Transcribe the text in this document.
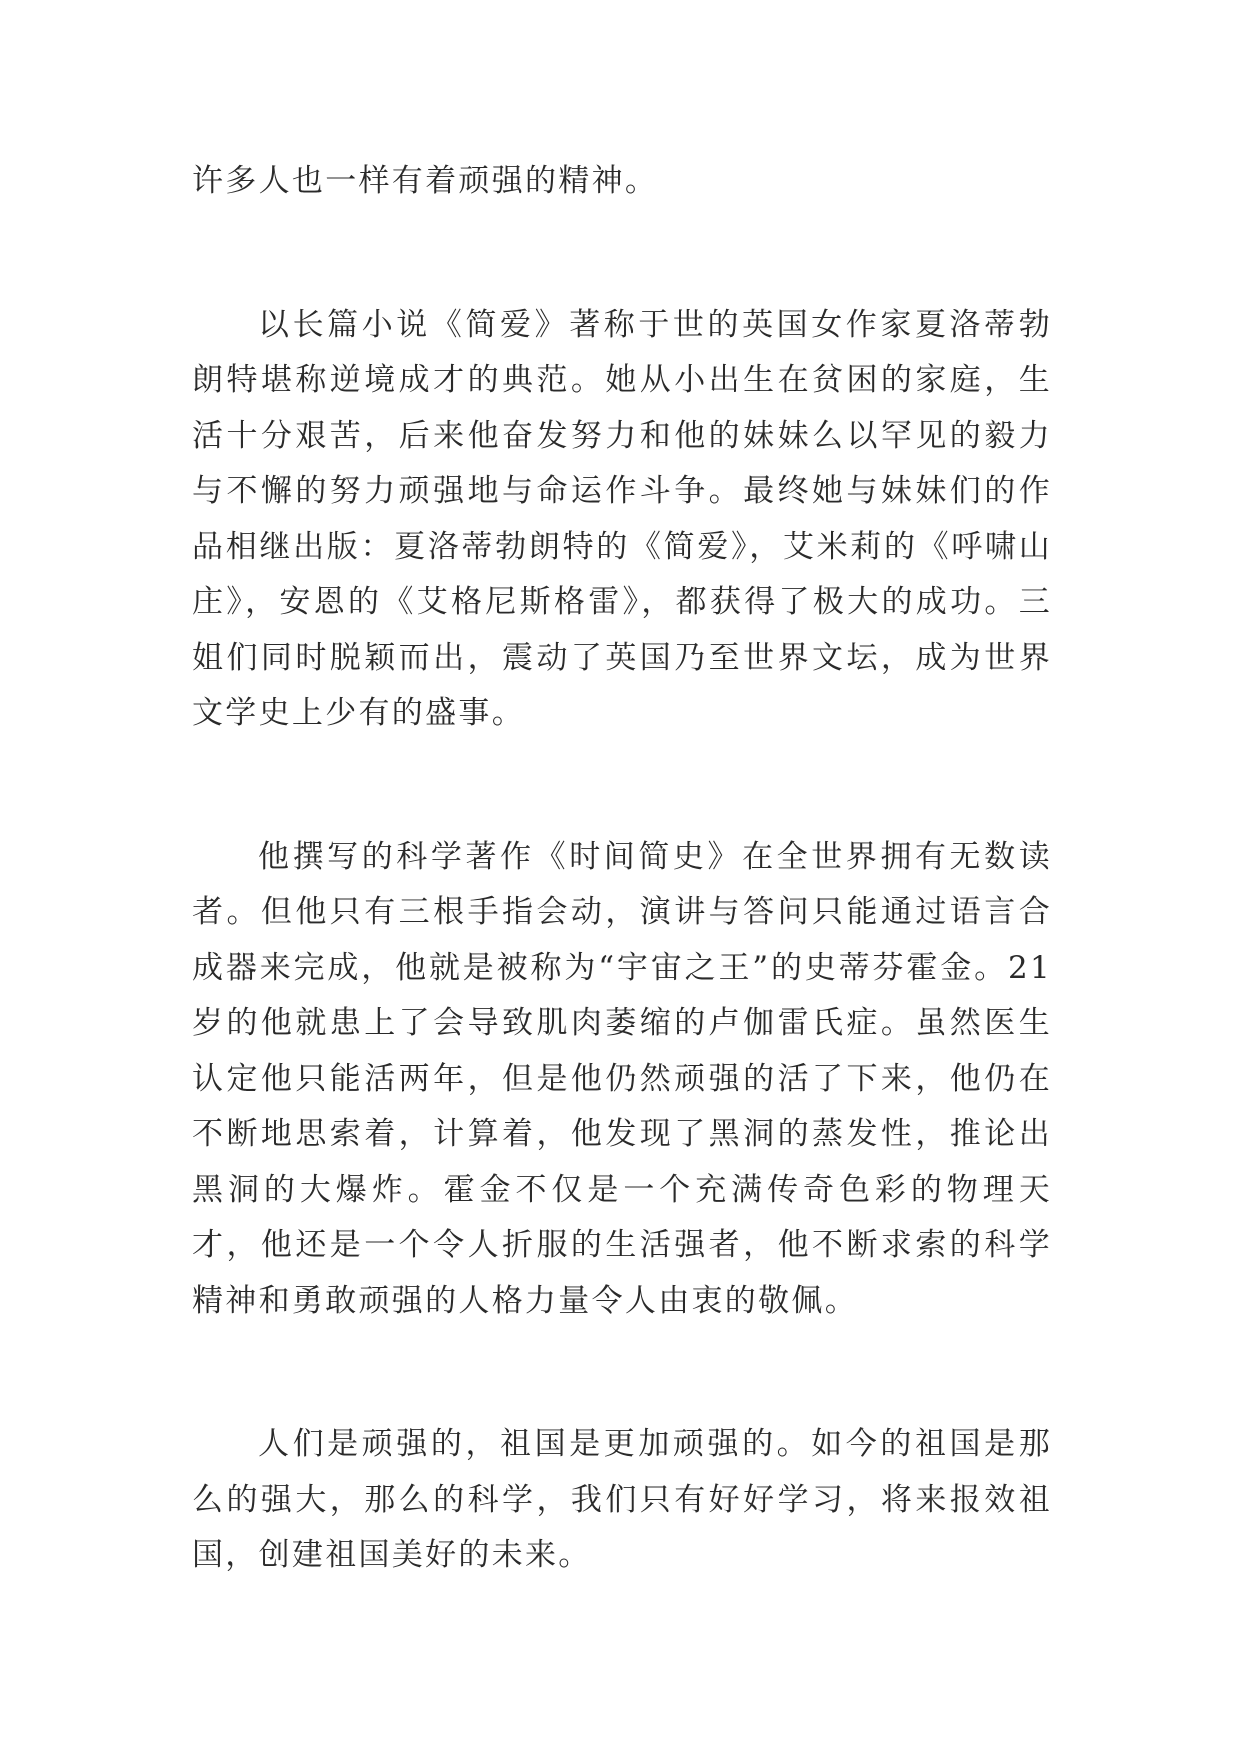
许多人也一样有着顽强的精神。

以长篇小说《简爱》著称于世的英国女作家夏洛蒂勃朗特堪称逆境成才的典范。她从小出生在贫困的家庭，生活十分艰苦，后来他奋发努力和他的妹妹么以罕见的毅力与不懈的努力顽强地与命运作斗争。最终她与妹妹们的作品相继出版：夏洛蒂勃朗特的《简爱》，艾米莉的《呼啸山庄》，安恩的《艾格尼斯格雷》，都获得了极大的成功。三姐们同时脱颖而出，震动了英国乃至世界文坛，成为世界文学史上少有的盛事。

他撰写的科学著作《时间简史》在全世界拥有无数读者。但他只有三根手指会动，演讲与答问只能通过语言合成器来完成，他就是被称为“宇宙之王”的史蒂芬霍金。21岁的他就患上了会导致肌肉萎缩的卢伽雷氏症。虽然医生认定他只能活两年，但是他仍然顽强的活了下来，他仍在不断地思索着，计算着，他发现了黑洞的蒸发性，推论出黑洞的大爆炸。霍金不仅是一个充满传奇色彩的物理天才，他还是一个令人折服的生活强者，他不断求索的科学精神和勇敢顽强的人格力量令人由衷的敬佩。

人们是顽强的，祖国是更加顽强的。如今的祖国是那么的强大，那么的科学，我们只有好好学习，将来报效祖国，创建祖国美好的未来。
